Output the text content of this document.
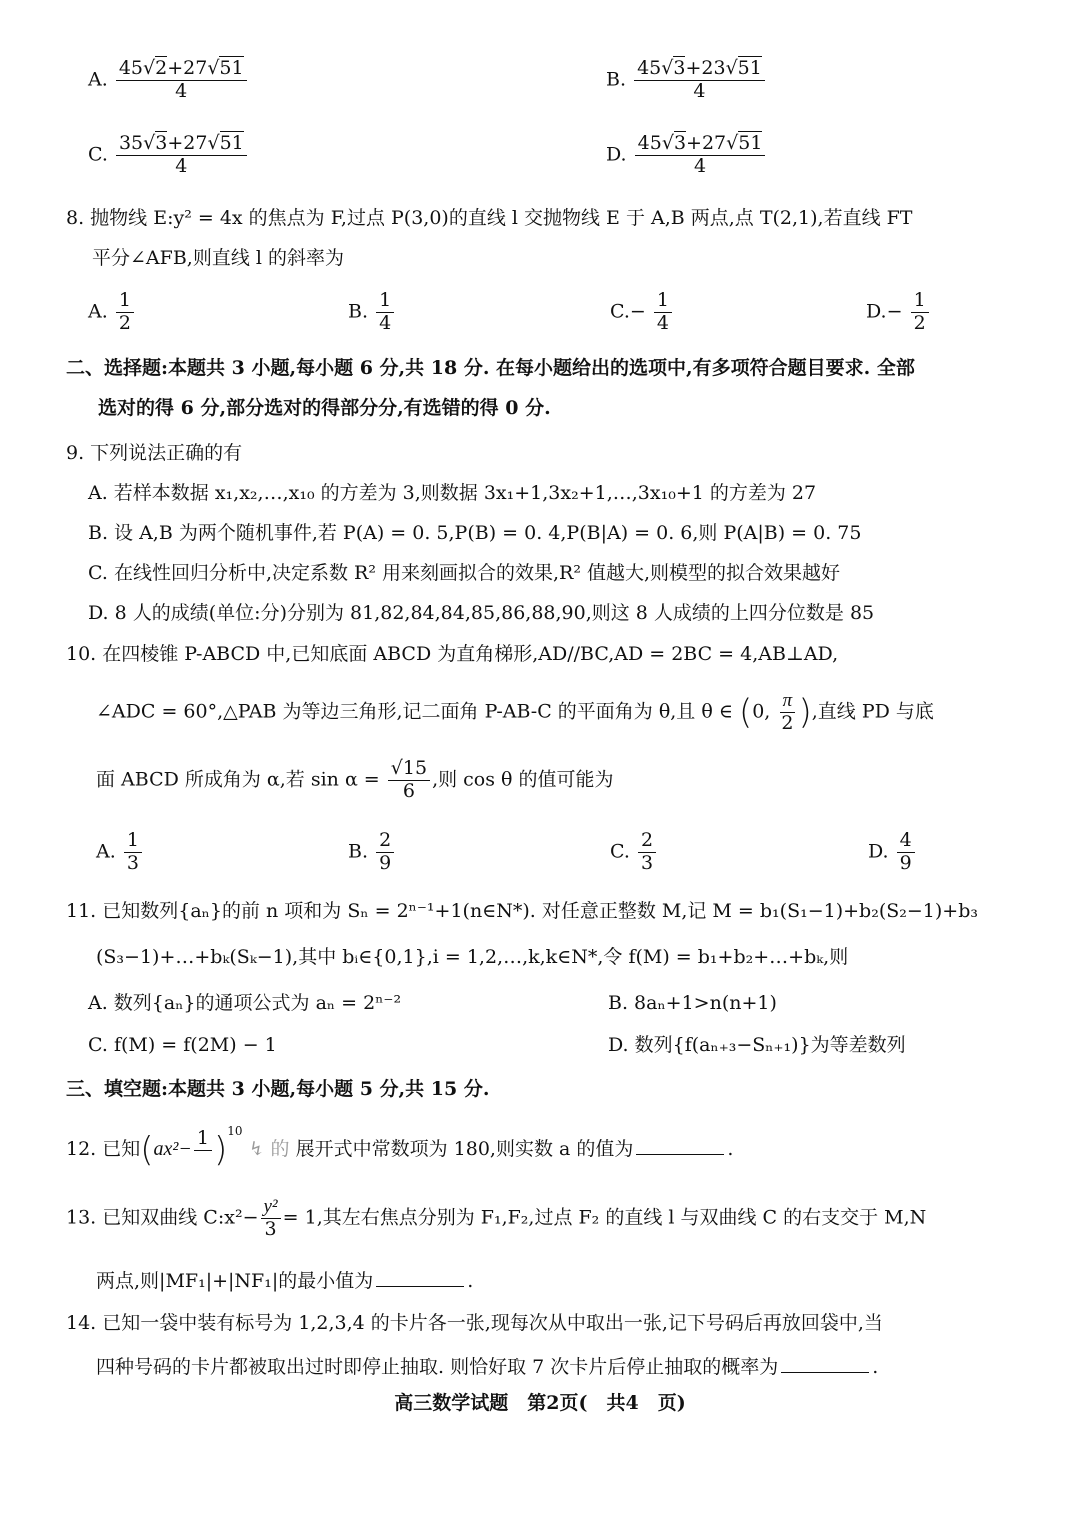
A. $\frac{45√2+27√51}{4}$	B. $\frac{45√3+23√51}{4}$
C. $\frac{35√3+27√51}{4}$	D. $\frac{45√3+27√51}{4}$
8. 抛物线 E:y² = 4x 的焦点为 F,过点 P(3,0)的直线 l 交抛物线 E 于 A,B 两点,点 T(2,1),若直线 FT
平分∠AFB,则直线 l 的斜率为
A. $\frac{1}{2}$	B. $\frac{1}{4}$	$C.- \frac{1}{4}$	$D.- \frac{1}{2}$
二、选择题:本题共 3 小题,每小题 6 分,共 18 分. 在每小题给出的选项中,有多项符合题目要求. 全部
选对的得 6 分,部分选对的得部分分,有选错的得 0 分.
9. 下列说法正确的有
A. 若样本数据 x₁,x₂,…,x₁₀ 的方差为 3,则数据 3x₁+1,3x₂+1,…,3x₁₀+1 的方差为 27
B. 设 A,B 为两个随机事件,若 P(A) = 0. 5,P(B) = 0. 4,P(B|A) = 0. 6,则 P(A|B) = 0. 75
C. 在线性回归分析中,决定系数 R² 用来刻画拟合的效果,R² 值越大,则模型的拟合效果越好
D. 8 人的成绩(单位:分)分别为 81,82,84,84,85,86,88,90,则这 8 人成绩的上四分位数是 85
10. 在四棱锥 P-ABCD 中,已知底面 ABCD 为直角梯形,AD//BC,AD = 2BC = 4,AB⊥AD,
∠ADC = 60°,△PAB 为等边三角形,记二面角 P-AB-C 的平面角为 θ,且 θ ∈ (0, $\frac{\pi}{2}$ ),直线 PD 与底
面 ABCD 所成角为 α,若 $\sin \alpha = \frac{√15}{6}$ ,则 cos θ 的值可能为
A. $\frac{1}{3}$	B. $\frac{2}{9}$	C. $\frac{2}{3}$	D. $\frac{4}{9}$
11. 已知数列{aₙ}的前 n 项和为 Sₙ = 2ⁿ⁻¹+1(n∈N*). 对任意正整数 M,记 M = b₁(S₁−1)+b₂(S₂−1)+b₃
(S₃−1)+…+bₖ(Sₖ−1),其中 bᵢ∈{0,1},i = 1,2,…,k,k∈N*,令 f(M) = b₁+b₂+…+bₖ,则
A. 数列{aₙ}的通项公式为 aₙ = 2ⁿ⁻²	B. 8aₙ+1>n(n+1)
C. f(M) = f(2M) − 1	D. 数列{f(aₙ₊₃−Sₙ₊₁)}为等差数列
三、填空题:本题共 3 小题,每小题 5 分,共 15 分.
12. 已知(ax²−
1
)$^{10}$ ↯ 的 展开式中常数项为 180,则实数 a 的值为	.
13. 已知双曲线 C:x²− $\frac{\text{y²}}{3} = 1$,其左右焦点分别为 F₁,F₂,过点 F₂ 的直线 l 与双曲线 C 的右支交于 M,N
两点,则|MF₁|+|NF₁|的最小值为	.
14. 已知一袋中装有标号为 1,2,3,4 的卡片各一张,现每次从中取出一张,记下号码后再放回袋中,当
四种号码的卡片都被取出过时即停止抽取. 则恰好取 7 次卡片后停止抽取的概率为	.
高三数学试题　第2页(　共4　页)
